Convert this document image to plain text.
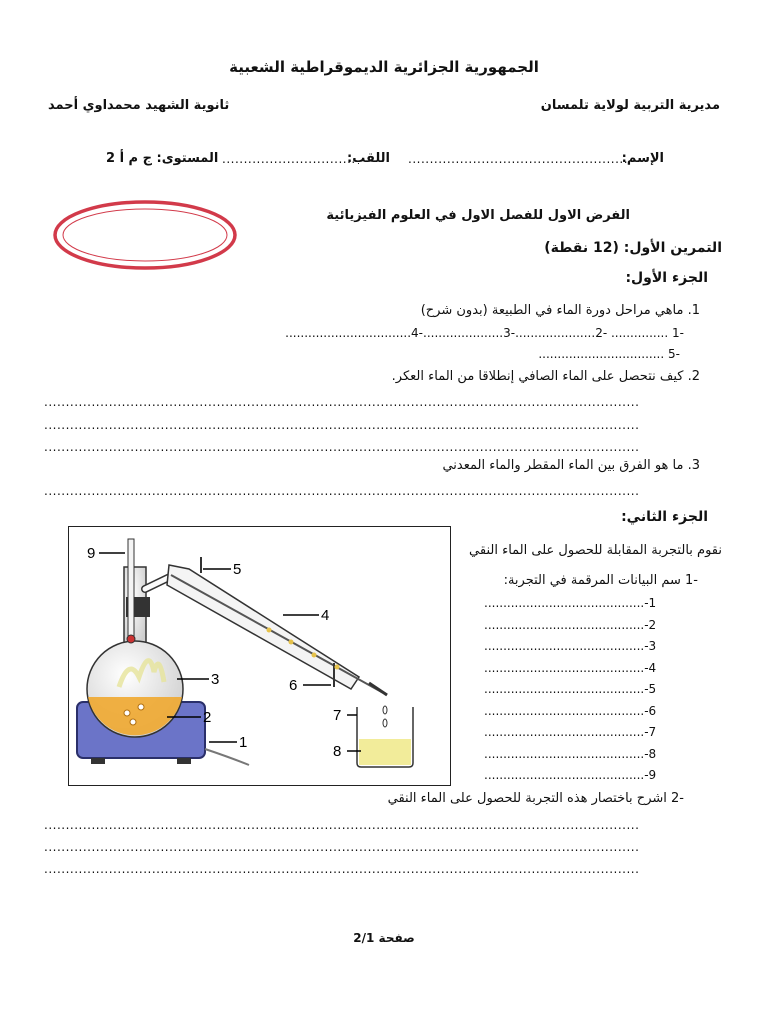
الجمهورية الجزائرية الديموقراطية الشعبية
مديرية التربية لولاية تلمسان
ثانوية الشهيد محمداوي أحمد
الإسم:
...................................................
اللقب:
...............................
المستوى: ج م أ 2
الفرض الاول للفصل الاول في العلوم الفيزيائية
التمرين الأول: (12 نقطة)
الجزء الأول:
1. ماهي مراحل دورة الماء في الطبيعة (بدون شرح)
-1 ............... -2.....................-3.....................-4.................................
-5 .................................
2. كيف نتحصل على الماء الصافي إنطلاقا من الماء العكر.
..........................................................................................................................................
..........................................................................................................................................
..........................................................................................................................................
3. ما هو الفرق بين الماء المقطر والماء المعدني
..........................................................................................................................................
الجزء الثاني:
نقوم بالتجربة المقابلة للحصول على الماء النقي
-1 سم البيانات المرقمة في التجربة:
..........................................-1
..........................................-2
..........................................-3
..........................................-4
..........................................-5
..........................................-6
..........................................-7
..........................................-8
..........................................-9
-2 اشرح باختصار هذه التجربة للحصول على الماء النقي
..........................................................................................................................................
..........................................................................................................................................
..........................................................................................................................................
صفحة 2/1
1
2
3
4
5
6
7
8
9
